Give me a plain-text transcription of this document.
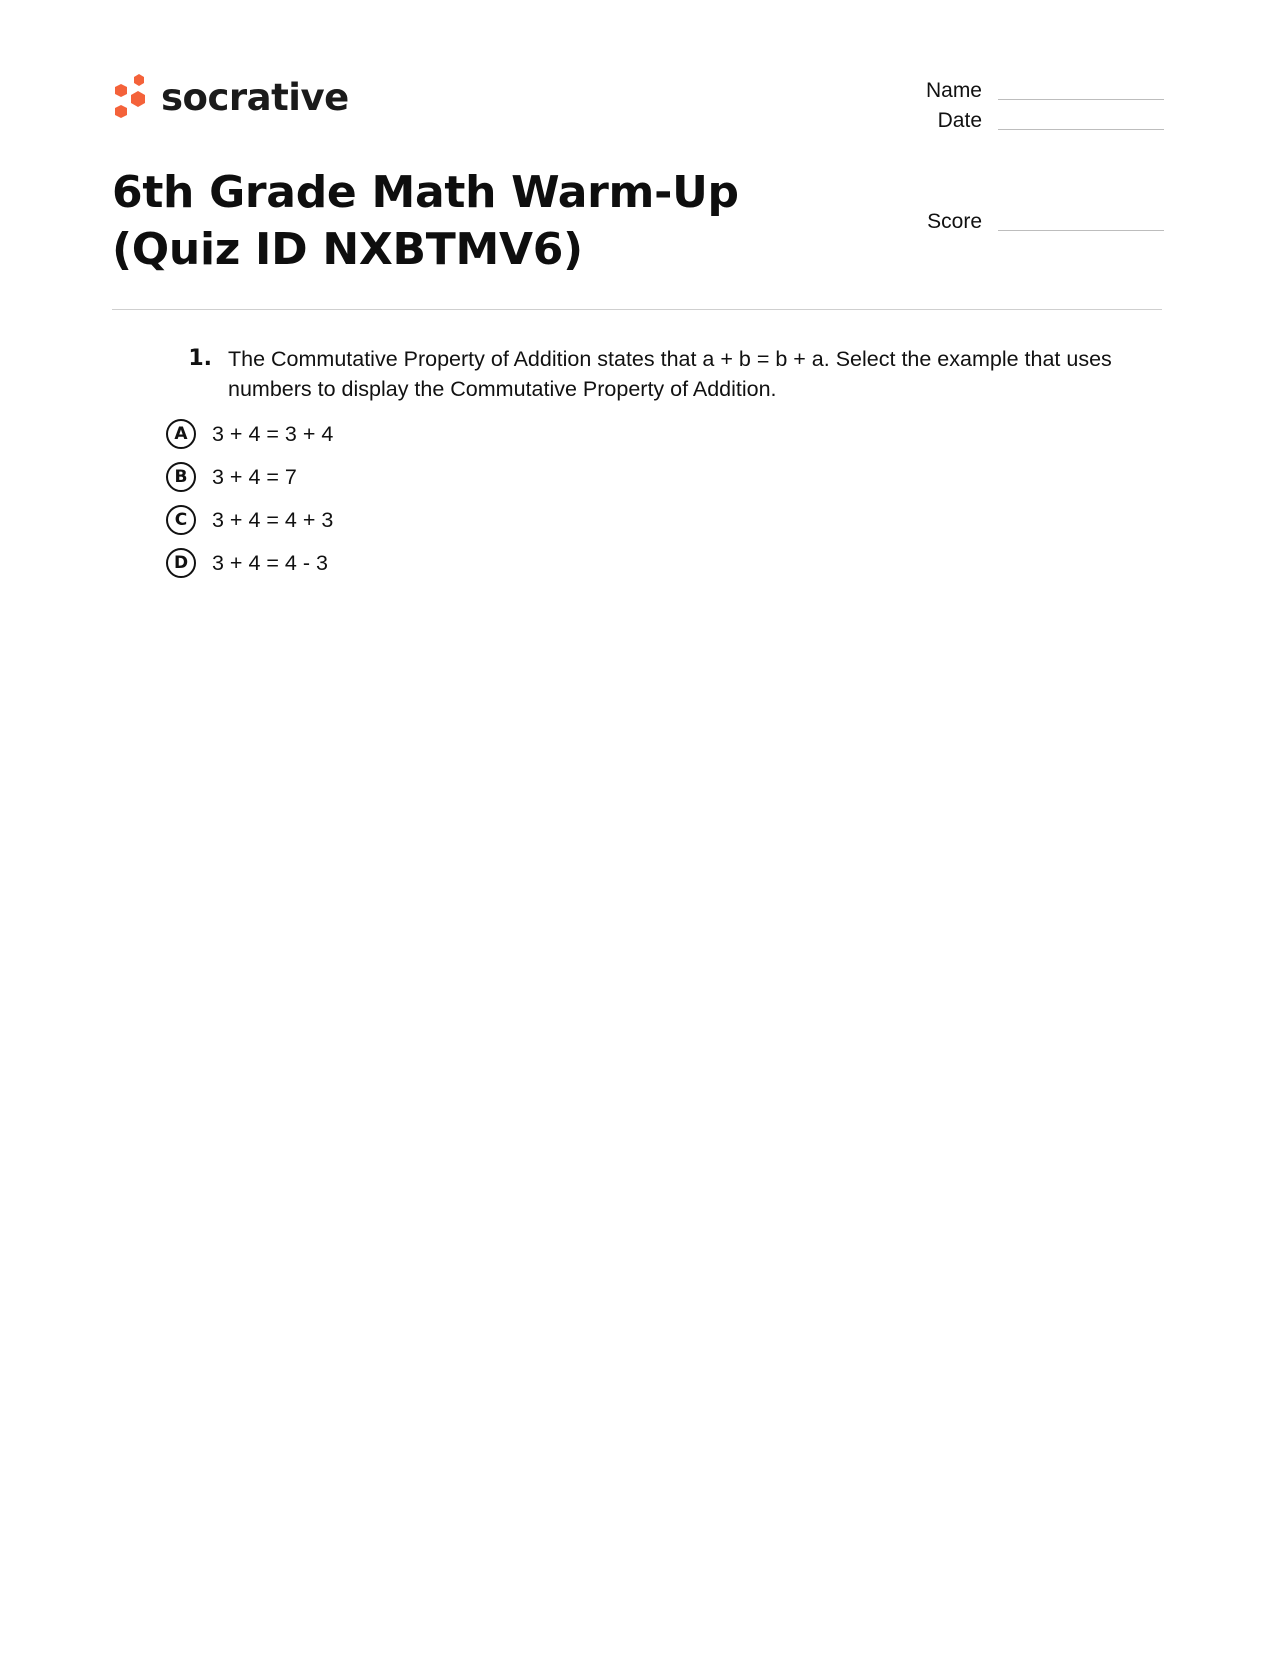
socrative	Name
Date
Score
6th Grade Math Warm-Up (Quiz ID NXBTMV6)
1. The Commutative Property of Addition states that a + b = b + a. Select the example that uses numbers to display the Commutative Property of Addition.
A	3 + 4 = 3 + 4
B	3 + 4 = 7
C	3 + 4 = 4 + 3
D	3 + 4 = 4 - 3
